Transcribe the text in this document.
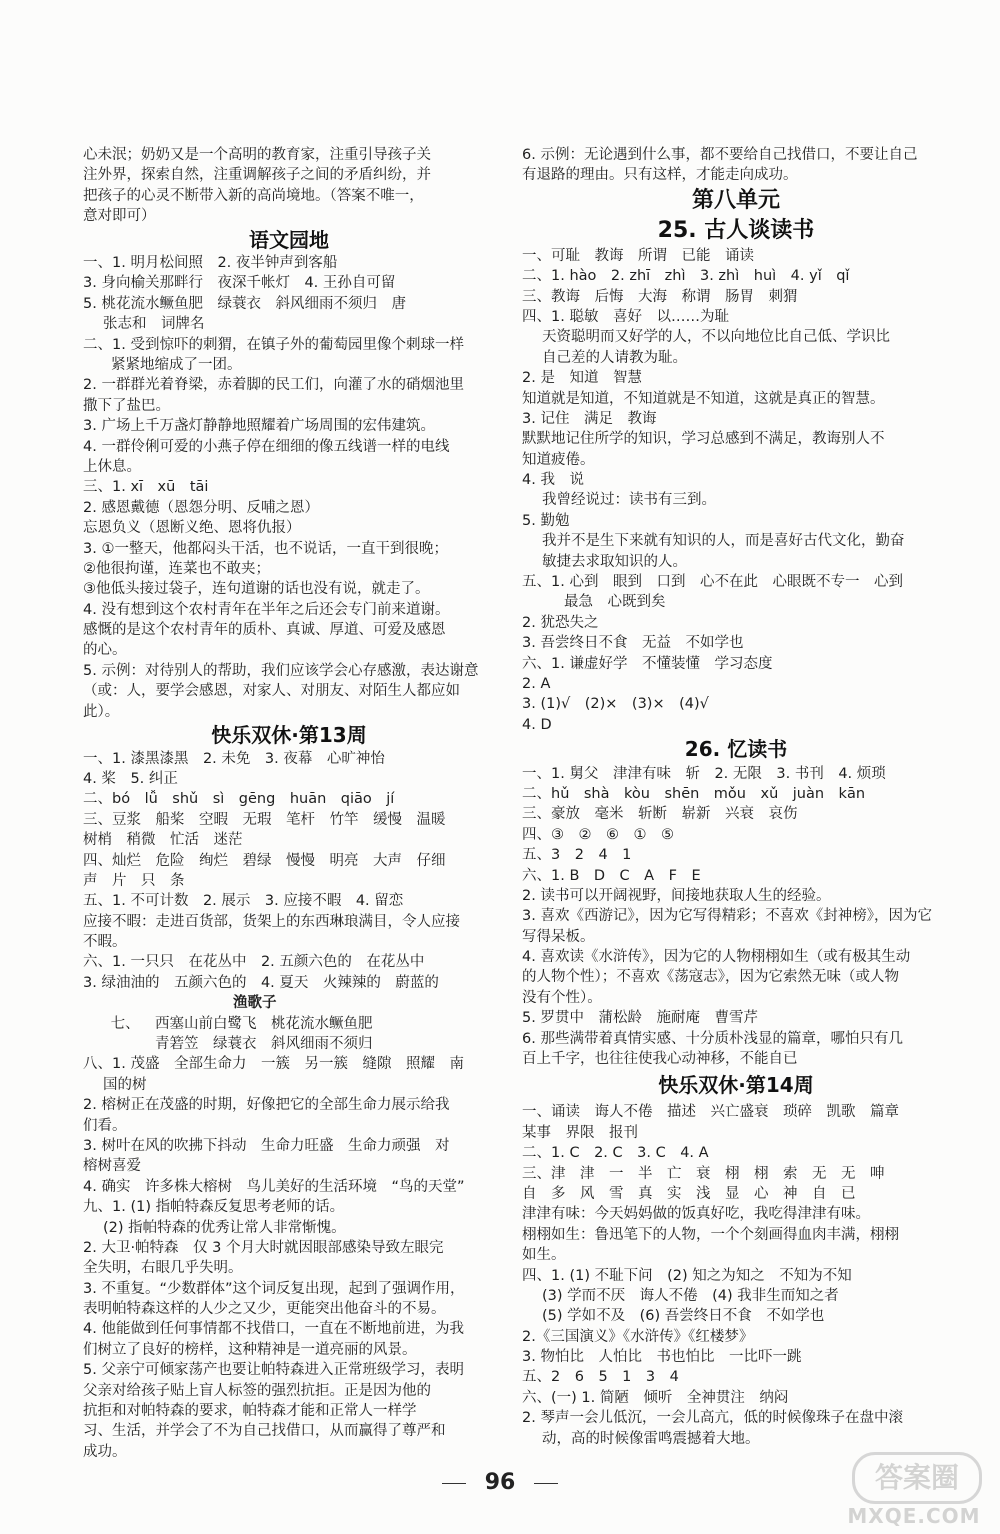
心未泯；奶奶又是一个高明的教育家，注重引导孩子关
注外界，探索自然，注重调解孩子之间的矛盾纠纷，并
把孩子的心灵不断带入新的高尚境地。（答案不唯一，
意对即可）
语文园地
一、1. 明月松间照　2. 夜半钟声到客船
3. 身向榆关那畔行　夜深千帐灯　4. 王孙自可留
5. 桃花流水鳜鱼肥　绿蓑衣　斜风细雨不须归　唐
张志和　词牌名
二、1. 受到惊吓的刺猬，在镇子外的葡萄园里像个刺球一样
紧紧地缩成了一团。
2. 一群群光着脊梁，赤着脚的民工们，向灌了水的硝烟池里
撒下了盐巴。
3. 广场上千万盏灯静静地照耀着广场周围的宏伟建筑。
4. 一群伶俐可爱的小燕子停在细细的像五线谱一样的电线
上休息。
三、1. xī　xū　tāi
2. 感恩戴德（恩怨分明、反哺之恩）
忘恩负义（恩断义绝、恩将仇报）
3. ①一整天，他都闷头干活，也不说话，一直干到很晚；
②他很拘谨，连菜也不敢夹；
③他低头接过袋子，连句道谢的话也没有说，就走了。
4. 没有想到这个农村青年在半年之后还会专门前来道谢。
感慨的是这个农村青年的质朴、真诚、厚道、可爱及感恩
的心。
5. 示例：对待别人的帮助，我们应该学会心存感激，表达谢意
（或：人，要学会感恩，对家人、对朋友、对陌生人都应如
此）。
快乐双休·第13周
一、1. 漆黑漆黑　2. 未免　3. 夜幕　心旷神怡
4. 桨　5. 纠正
二、bó　lǚ　shǔ　sì　gēng　huān　qiāo　jí
三、豆浆　船桨　空暇　无瑕　笔杆　竹竿　缓慢　温暖
树梢　稍微　忙活　迷茫
四、灿烂　危险　绚烂　碧绿　慢慢　明亮　大声　仔细
声　片　只　条
五、1. 不可计数　2. 展示　3. 应接不暇　4. 留恋
应接不暇：走进百货部，货架上的东西琳琅满目，令人应接
不暇。
六、1. 一只只　在花丛中　2. 五颜六色的　在花丛中
3. 绿油油的　五颜六色的　4. 夏天　火辣辣的　蔚蓝的

七、

渔歌子

西塞山前白鹭飞　桃花流水鳜鱼肥
青箬笠　绿蓑衣　斜风细雨不须归
八、1. 茂盛　全部生命力　一簇　另一簇　缝隙　照耀　南
国的树
2. 榕树正在茂盛的时期，好像把它的全部生命力展示给我
们看。
3. 树叶在风的吹拂下抖动　生命力旺盛　生命力顽强　对
榕树喜爱
4. 确实　许多株大榕树　鸟儿美好的生活环境　“鸟的天堂”
九、1. (1) 指帕特森反复思考老师的话。
(2) 指帕特森的优秀让常人非常惭愧。
2. 大卫·帕特森　仅 3 个月大时就因眼部感染导致左眼完
全失明，右眼几乎失明。
3. 不重复。“少数群体”这个词反复出现，起到了强调作用，
表明帕特森这样的人少之又少，更能突出他奋斗的不易。
4. 他能做到任何事情都不找借口，一直在不断地前进，为我
们树立了良好的榜样，这种精神是一道亮丽的风景。
5. 父亲宁可倾家荡产也要让帕特森进入正常班级学习，表明
父亲对给孩子贴上盲人标签的强烈抗拒。正是因为他的
抗拒和对帕特森的要求，帕特森才能和正常人一样学
习、生活，并学会了不为自己找借口，从而赢得了尊严和
成功。
6. 示例：无论遇到什么事，都不要给自己找借口，不要让自己
有退路的理由。只有这样，才能走向成功。
第八单元
25. 古人谈读书
一、可耻　教诲　所谓　已能　诵读
二、1. hào　2. zhī　zhì　3. zhì　huì　4. yǐ　qǐ
三、教诲　后悔　大海　称谓　肠胃　刺猬
四、1. 聪敏　喜好　以……为耻
天资聪明而又好学的人，不以向地位比自己低、学识比
自己差的人请教为耻。
2. 是　知道　智慧
知道就是知道，不知道就是不知道，这就是真正的智慧。
3. 记住　满足　教诲
默默地记住所学的知识，学习总感到不满足，教诲别人不
知道疲倦。
4. 我　说
我曾经说过：读书有三到。
5. 勤勉
我并不是生下来就有知识的人，而是喜好古代文化，勤奋
敏捷去求取知识的人。
五、1. 心到　眼到　口到　心不在此　心眼既不专一　心到
最急　心既到矣
2. 犹恐失之
3. 吾尝终日不食　无益　不如学也
六、1. 谦虚好学　不懂装懂　学习态度
2. A
3. (1)√　(2)×　(3)×　(4)√
4. D
26. 忆读书
一、1. 舅父　津津有味　斩　2. 无限　3. 书刊　4. 烦琐
二、hǔ　shà　kòu　shēn　mǒu　xǔ　juàn　kān
三、豪放　毫米　斩断　崭新　兴衰　哀伤
四、③　②　⑥　①　⑤
五、3　2　4　1
六、1. B　D　C　A　F　E
2. 读书可以开阔视野，间接地获取人生的经验。
3. 喜欢《西游记》，因为它写得精彩；不喜欢《封神榜》，因为它
写得呆板。
4. 喜欢读《水浒传》，因为它的人物栩栩如生（或有极其生动
的人物个性）；不喜欢《荡寇志》，因为它索然无味（或人物
没有个性）。
5. 罗贯中　蒲松龄　施耐庵　曹雪芹
6. 那些满带着真情实感、十分质朴浅显的篇章，哪怕只有几
百上千字，也往往使我心动神移，不能自已
快乐双休·第14周
一、诵读　诲人不倦　描述　兴亡盛衰　琐碎　凯歌　篇章
某事　界限　报刊
二、1. C　2. C　3. C　4. A
三、津　津　一　半　亡　衰　栩　栩　索　无　无　呻
自　多　风　雪　真　实　浅　显　心　神　自　已
津津有味：今天妈妈做的饭真好吃，我吃得津津有味。
栩栩如生：鲁迅笔下的人物，一个个刻画得血肉丰满，栩栩
如生。
四、1. (1) 不耻下问　(2) 知之为知之　不知为不知
(3) 学而不厌　诲人不倦　(4) 我非生而知之者
(5) 学如不及　(6) 吾尝终日不食　不如学也
2.《三国演义》《水浒传》《红楼梦》
3. 物怕比　人怕比　书也怕比　一比吓一跳
五、2　6　5　1　3　4
六、(一) 1. 简陋　倾听　全神贯注　纳闷
2. 琴声一会儿低沉，一会儿高亢，低的时候像珠子在盘中滚
动，高的时候像雷鸣震撼着大地。
96	答案圈
MXQE.COM
